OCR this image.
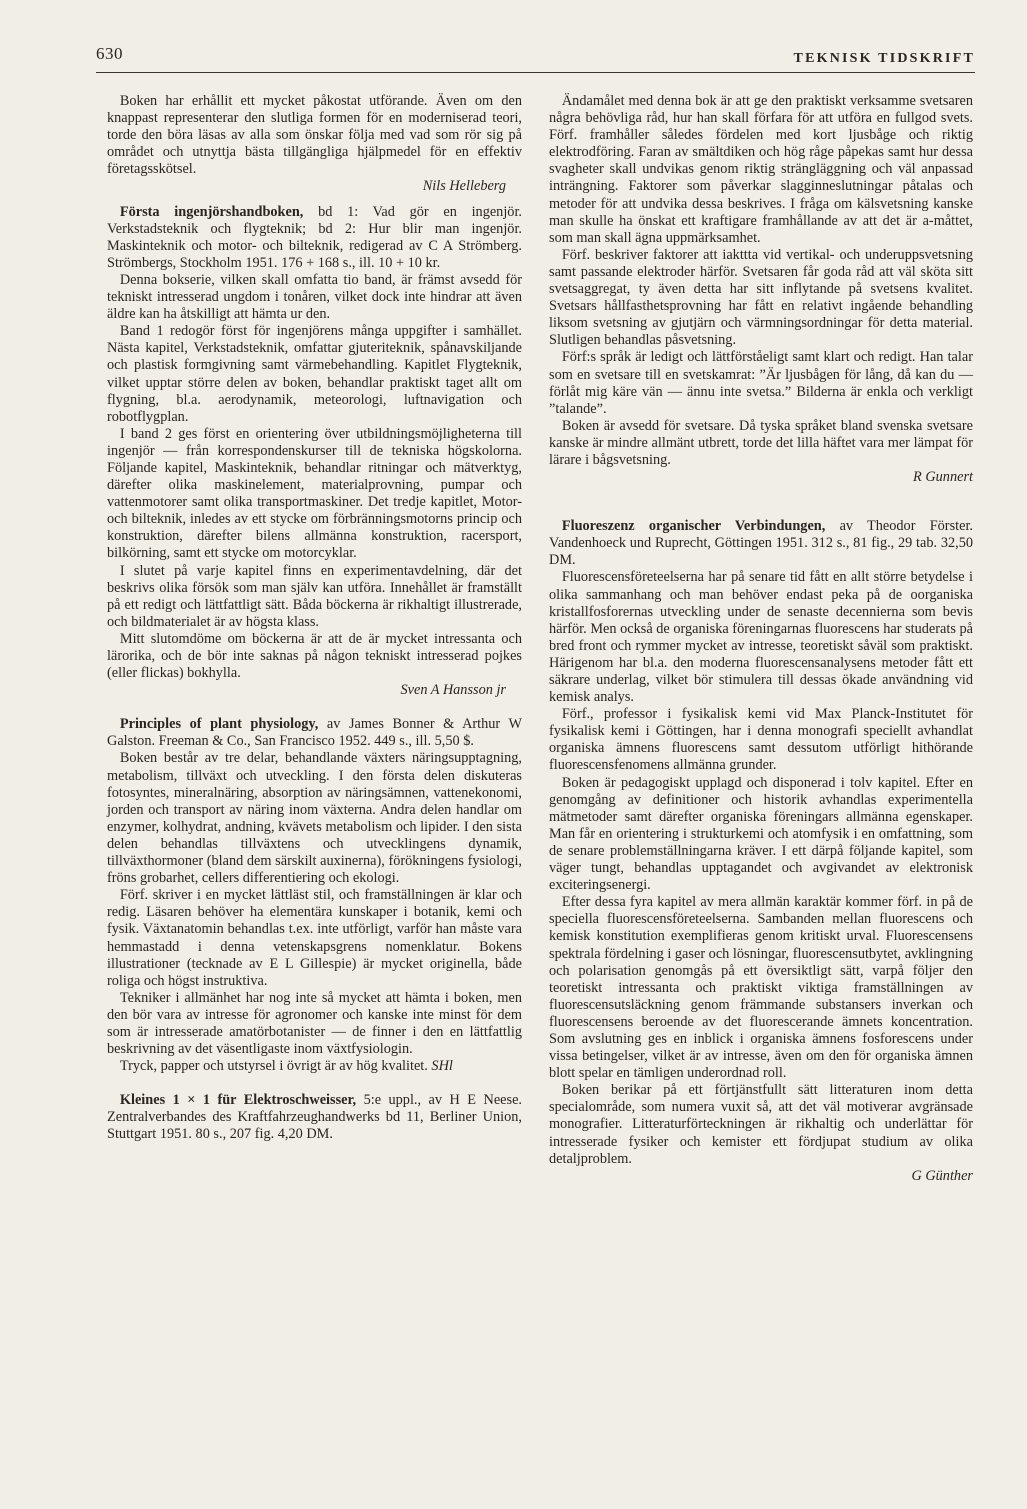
630	TEKNISK TIDSKRIFT

Boken har erhållit ett mycket påkostat utförande. Även om den knappast representerar den slutliga formen för en moderniserad teori, torde den böra läsas av alla som önskar följa med vad som rör sig på området och utnyttja bästa tillgängliga hjälpmedel för en effektiv företagsskötsel.

Nils Helleberg

Första ingenjörshandboken, bd 1: Vad gör en ingenjör. Verkstadsteknik och flygteknik; bd 2: Hur blir man ingenjör. Maskinteknik och motor- och bilteknik, redigerad av C A Strömberg. Strömbergs, Stockholm 1951. 176 + 168 s., ill. 10 + 10 kr.

Denna bokserie, vilken skall omfatta tio band, är främst avsedd för tekniskt intresserad ungdom i tonåren, vilket dock inte hindrar att även äldre kan ha åtskilligt att hämta ur den.

Band 1 redogör först för ingenjörens många uppgifter i samhället. Nästa kapitel, Verkstadsteknik, omfattar gjuteriteknik, spånavskiljande och plastisk formgivning samt värmebehandling. Kapitlet Flygteknik, vilket upptar större delen av boken, behandlar praktiskt taget allt om flygning, bl.a. aerodynamik, meteorologi, luftnavigation och robotflygplan.

I band 2 ges först en orientering över utbildningsmöjligheterna till ingenjör — från korrespondenskurser till de tekniska högskolorna. Följande kapitel, Maskinteknik, behandlar ritningar och mätverktyg, därefter olika maskinelement, materialprovning, pumpar och vattenmotorer samt olika transportmaskiner. Det tredje kapitlet, Motor- och bilteknik, inledes av ett stycke om förbränningsmotorns princip och konstruktion, därefter bilens allmänna konstruktion, racersport, bilkörning, samt ett stycke om motorcyklar.

I slutet på varje kapitel finns en experimentavdelning, där det beskrivs olika försök som man själv kan utföra. Innehållet är framställt på ett redigt och lättfattligt sätt. Båda böckerna är rikhaltigt illustrerade, och bildmaterialet är av högsta klass.

Mitt slutomdöme om böckerna är att de är mycket intressanta och lärorika, och de bör inte saknas på någon tekniskt intresserad pojkes (eller flickas) bokhylla.

Sven A Hansson jr

Principles of plant physiology, av James Bonner & Arthur W Galston. Freeman & Co., San Francisco 1952. 449 s., ill. 5,50 $.

Boken består av tre delar, behandlande växters näringsupptagning, metabolism, tillväxt och utveckling. I den första delen diskuteras fotosyntes, mineralnäring, absorption av näringsämnen, vattenekonomi, jorden och transport av näring inom växterna. Andra delen handlar om enzymer, kolhydrat, andning, kvävets metabolism och lipider. I den sista delen behandlas tillväxtens och utvecklingens dynamik, tillväxthormoner (bland dem särskilt auxinerna), förökningens fysiologi, fröns grobarhet, cellers differentiering och ekologi.

Förf. skriver i en mycket lättläst stil, och framställningen är klar och redig. Läsaren behöver ha elementära kunskaper i botanik, kemi och fysik. Växtanatomin behandlas t.ex. inte utförligt, varför han måste vara hemmastadd i denna vetenskapsgrens nomenklatur. Bokens illustrationer (tecknade av E L Gillespie) är mycket originella, både roliga och högst instruktiva.

Tekniker i allmänhet har nog inte så mycket att hämta i boken, men den bör vara av intresse för agronomer och kanske inte minst för dem som är intresserade amatörbotanister — de finner i den en lättfattlig beskrivning av det väsentligaste inom växtfysiologin.

Tryck, papper och utstyrsel i övrigt är av hög kvalitet. SHl

Kleines 1 × 1 für Elektroschweisser, 5:e uppl., av H E Neese. Zentralverbandes des Kraftfahrzeughandwerks bd 11, Berliner Union, Stuttgart 1951. 80 s., 207 fig. 4,20 DM.

Ändamålet med denna bok är att ge den praktiskt verksamme svetsaren några behövliga råd, hur han skall förfara för att utföra en fullgod svets. Förf. framhåller således fördelen med kort ljusbåge och riktig elektrodföring. Faran av smältdiken och hög råge påpekas samt hur dessa svagheter skall undvikas genom riktig strängläggning och väl anpassad inträngning. Faktorer som påverkar slagginneslutningar påtalas och metoder för att undvika dessa beskrives. I fråga om kälsvetsning kanske man skulle ha önskat ett kraftigare framhållande av att det är a-måttet, som man skall ägna uppmärksamhet.

Förf. beskriver faktorer att iakttta vid vertikal- och underuppsvetsning samt passande elektroder härför. Svetsaren får goda råd att väl sköta sitt svetsaggregat, ty även detta har sitt inflytande på svetsens kvalitet. Svetsars hållfasthetsprovning har fått en relativt ingående behandling liksom svetsning av gjutjärn och värmningsordningar för detta material. Slutligen behandlas påsvetsning.

Förf:s språk är ledigt och lättförståeligt samt klart och redigt. Han talar som en svetsare till en svetskamrat: ”Är ljusbågen för lång, då kan du — förlåt mig käre vän — ännu inte svetsa.” Bilderna är enkla och verkligt ”talande”.

Boken är avsedd för svetsare. Då tyska språket bland svenska svetsare kanske är mindre allmänt utbrett, torde det lilla häftet vara mer lämpat för lärare i bågsvetsning.

R Gunnert

Fluoreszenz organischer Verbindungen, av Theodor Förster. Vandenhoeck und Ruprecht, Göttingen 1951. 312 s., 81 fig., 29 tab. 32,50 DM.

Fluorescensföreteelserna har på senare tid fått en allt större betydelse i olika sammanhang och man behöver endast peka på de oorganiska kristallfosforernas utveckling under de senaste decennierna som bevis härför. Men också de organiska föreningarnas fluorescens har studerats på bred front och rymmer mycket av intresse, teoretiskt såväl som praktiskt. Härigenom har bl.a. den moderna fluorescensanalysens metoder fått ett säkrare underlag, vilket bör stimulera till dessas ökade användning vid kemisk analys.

Förf., professor i fysikalisk kemi vid Max Planck-Institutet för fysikalisk kemi i Göttingen, har i denna monografi speciellt avhandlat organiska ämnens fluorescens samt dessutom utförligt hithörande fluorescensfenomens allmänna grunder.

Boken är pedagogiskt upplagd och disponerad i tolv kapitel. Efter en genomgång av definitioner och historik avhandlas experimentella mätmetoder samt därefter organiska föreningars allmänna egenskaper. Man får en orientering i strukturkemi och atomfysik i en omfattning, som de senare problemställningarna kräver. I ett därpå följande kapitel, som väger tungt, behandlas upptagandet och avgivandet av elektronisk exciteringsenergi.

Efter dessa fyra kapitel av mera allmän karaktär kommer förf. in på de speciella fluorescensföreteelserna. Sambanden mellan fluorescens och kemisk konstitution exemplifieras genom kritiskt urval. Fluorescensens spektrala fördelning i gaser och lösningar, fluorescensutbytet, avklingning och polarisation genomgås på ett översiktligt sätt, varpå följer den teoretiskt intressanta och praktiskt viktiga framställningen av fluorescensutsläckning genom främmande substansers inverkan och fluorescensens beroende av det fluorescerande ämnets koncentration. Som avslutning ges en inblick i organiska ämnens fosforescens under vissa betingelser, vilket är av intresse, även om den för organiska ämnen blott spelar en tämligen underordnad roll.

Boken berikar på ett förtjänstfullt sätt litteraturen inom detta specialområde, som numera vuxit så, att det väl motiverar avgränsade monografier. Litteraturförteckningen är rikhaltig och underlättar för intresserade fysiker och kemister ett fördjupat studium av olika detaljproblem.

G Günther
